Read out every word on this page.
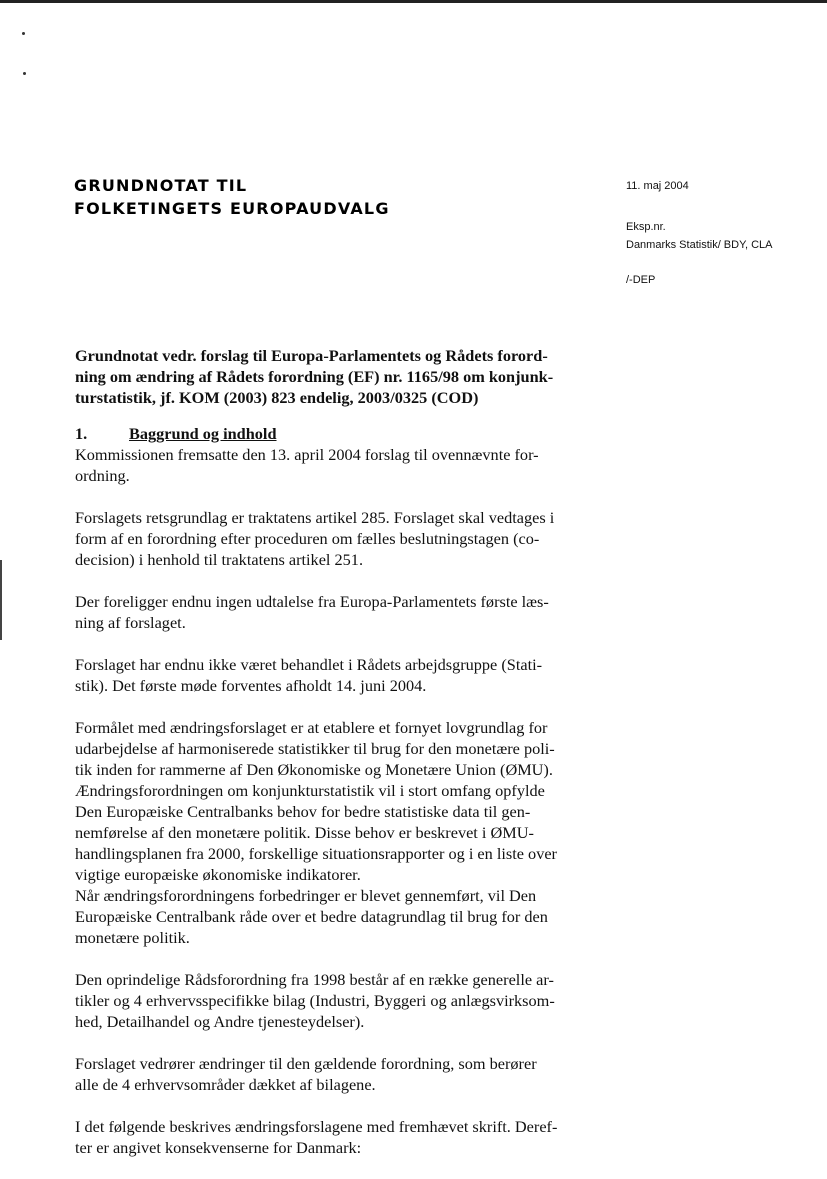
GRUNDNOTAT TIL
FOLKETINGETS EUROPAUDVALG
11. maj 2004
Eksp.nr.
Danmarks Statistik/ BDY, CLA
/-DEP

Grundnotat vedr. forslag til Europa-Parlamentets og Rådets forord-
ning om ændring af Rådets forordning (EF) nr. 1165/98 om konjunk-
turstatistik, jf. KOM (2003) 823 endelig, 2003/0325 (COD)

1.	Baggrund og indhold

Kommissionen fremsatte den 13. april 2004 forslag til ovennævnte for-
ordning.

Forslagets retsgrundlag er traktatens artikel 285. Forslaget skal vedtages i
form af en forordning efter proceduren om fælles beslutningstagen (co-
decision) i henhold til traktatens artikel 251.

Der foreligger endnu ingen udtalelse fra Europa-Parlamentets første læs-
ning af forslaget.

Forslaget har endnu ikke været behandlet i Rådets arbejdsgruppe (Stati-
stik). Det første møde forventes afholdt 14. juni 2004.

Formålet med ændringsforslaget er at etablere et fornyet lovgrundlag for
udarbejdelse af harmoniserede statistikker til brug for den monetære poli-
tik inden for rammerne af Den Økonomiske og Monetære Union (ØMU).
Ændringsforordningen om konjunkturstatistik vil i stort omfang opfylde
Den Europæiske Centralbanks behov for bedre statistiske data til gen-
nemførelse af den monetære politik. Disse behov er beskrevet i ØMU-
handlingsplanen fra 2000, forskellige situationsrapporter og i en liste over
vigtige europæiske økonomiske indikatorer.
Når ændringsforordningens forbedringer er blevet gennemført, vil Den
Europæiske Centralbank råde over et bedre datagrundlag til brug for den
monetære politik.

Den oprindelige Rådsforordning fra 1998 består af en række generelle ar-
tikler og 4 erhvervsspecifikke bilag (Industri, Byggeri og anlægsvirksom-
hed, Detailhandel og Andre tjenesteydelser).

Forslaget vedrører ændringer til den gældende forordning, som berører
alle de 4 erhvervsområder dækket af bilagene.

I det følgende beskrives ændringsforslagene med fremhævet skrift. Deref-
ter er angivet konsekvenserne for Danmark:
